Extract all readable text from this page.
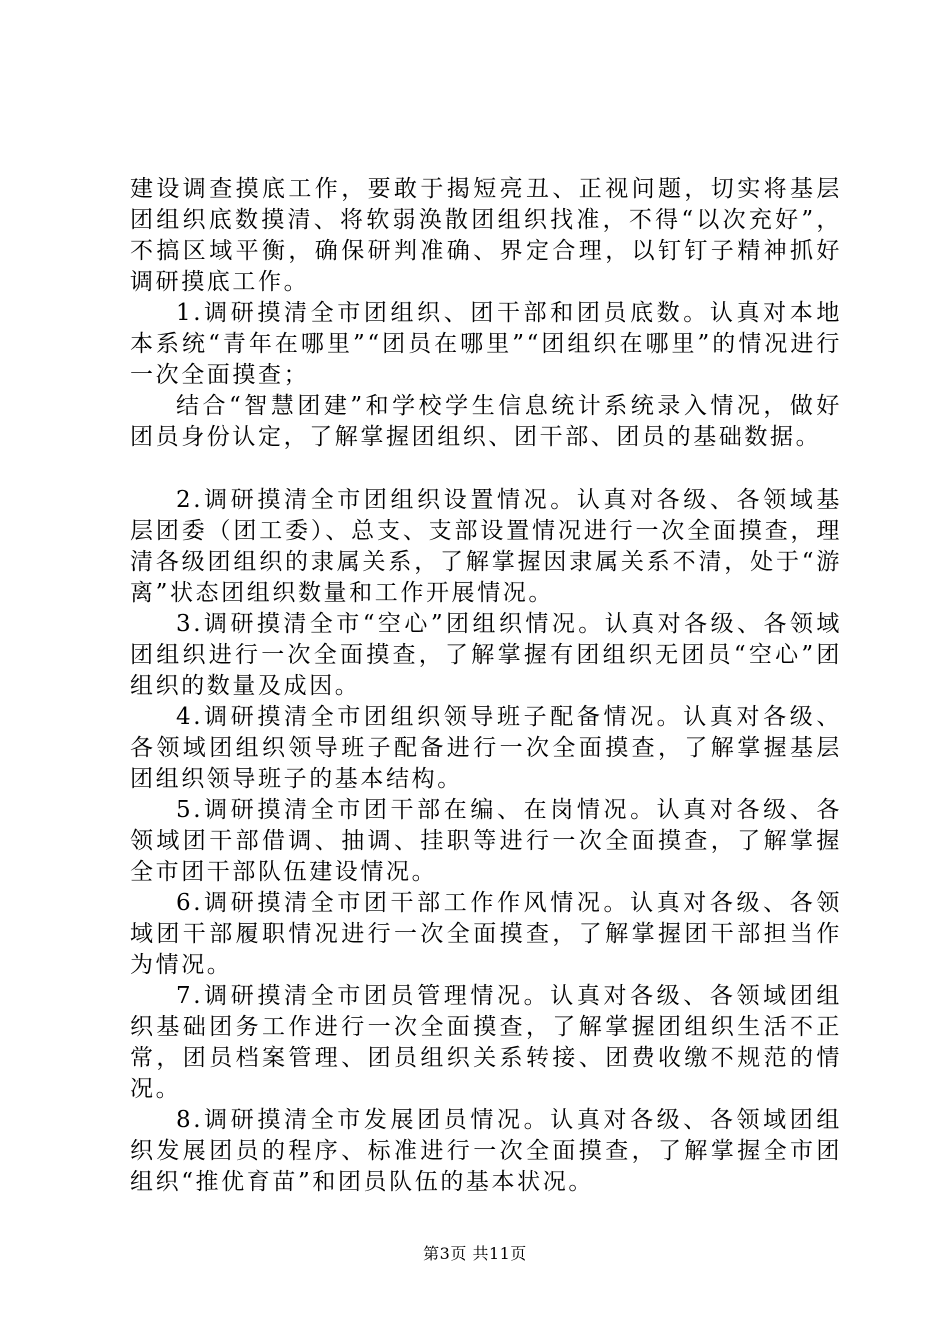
建设调查摸底工作，要敢于揭短亮丑、正视问题，切实将基层团组织底数摸清、将软弱涣散团组织找准，不得“以次充好”，不搞区域平衡，确保研判准确、界定合理，以钉钉子精神抓好调研摸底工作。

1.调研摸清全市团组织、团干部和团员底数。认真对本地本系统“青年在哪里”“团员在哪里”“团组织在哪里”的情况进行一次全面摸查；

结合“智慧团建”和学校学生信息统计系统录入情况，做好团员身份认定，了解掌握团组织、团干部、团员的基础数据。

2.调研摸清全市团组织设置情况。认真对各级、各领域基层团委（团工委）、总支、支部设置情况进行一次全面摸查，理清各级团组织的隶属关系，了解掌握因隶属关系不清，处于“游离”状态团组织数量和工作开展情况。

3.调研摸清全市“空心”团组织情况。认真对各级、各领域团组织进行一次全面摸查，了解掌握有团组织无团员“空心”团组织的数量及成因。

4.调研摸清全市团组织领导班子配备情况。认真对各级、各领域团组织领导班子配备进行一次全面摸查，了解掌握基层团组织领导班子的基本结构。

5.调研摸清全市团干部在编、在岗情况。认真对各级、各领域团干部借调、抽调、挂职等进行一次全面摸查，了解掌握全市团干部队伍建设情况。

6.调研摸清全市团干部工作作风情况。认真对各级、各领域团干部履职情况进行一次全面摸查，了解掌握团干部担当作为情况。

7.调研摸清全市团员管理情况。认真对各级、各领域团组织基础团务工作进行一次全面摸查，了解掌握团组织生活不正常，团员档案管理、团员组织关系转接、团费收缴不规范的情况。

8.调研摸清全市发展团员情况。认真对各级、各领域团组织发展团员的程序、标准进行一次全面摸查，了解掌握全市团组织“推优育苗”和团员队伍的基本状况。

第3页 共11页
